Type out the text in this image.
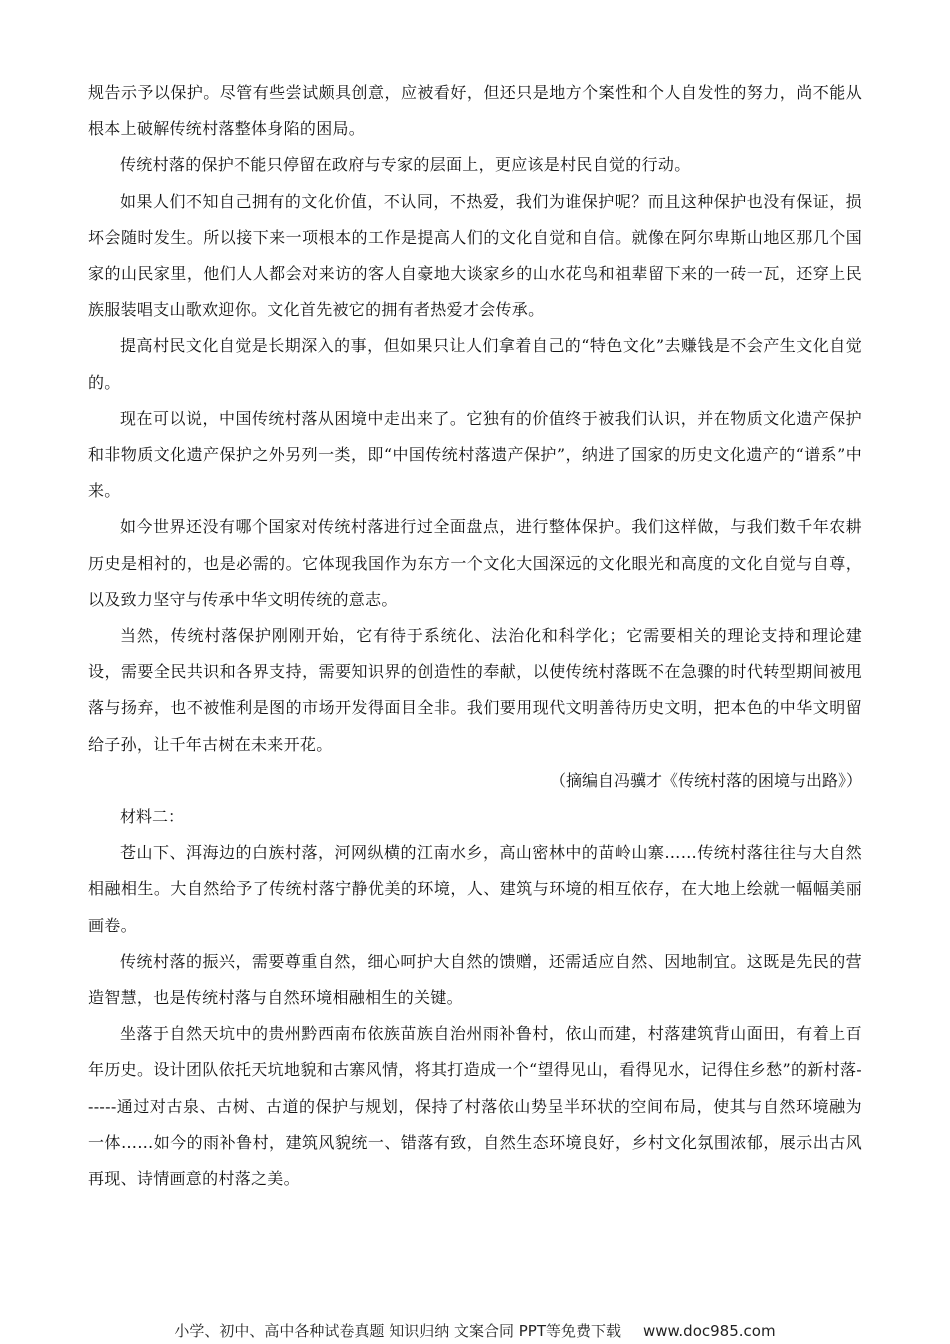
规告示予以保护。尽管有些尝试颇具创意，应被看好，但还只是地方个案性和个人自发性的努力，尚不能从根本上破解传统村落整体身陷的困局。

传统村落的保护不能只停留在政府与专家的层面上，更应该是村民自觉的行动。

如果人们不知自己拥有的文化价值，不认同，不热爱，我们为谁保护呢？而且这种保护也没有保证，损坏会随时发生。所以接下来一项根本的工作是提高人们的文化自觉和自信。就像在阿尔卑斯山地区那几个国家的山民家里，他们人人都会对来访的客人自豪地大谈家乡的山水花鸟和祖辈留下来的一砖一瓦，还穿上民族服装唱支山歌欢迎你。文化首先被它的拥有者热爱才会传承。

提高村民文化自觉是长期深入的事，但如果只让人们拿着自己的“特色文化”去赚钱是不会产生文化自觉的。

现在可以说，中国传统村落从困境中走出来了。它独有的价值终于被我们认识，并在物质文化遗产保护和非物质文化遗产保护之外另列一类，即“中国传统村落遗产保护”，纳进了国家的历史文化遗产的“谱系”中来。

如今世界还没有哪个国家对传统村落进行过全面盘点，进行整体保护。我们这样做，与我们数千年农耕历史是相衬的，也是必需的。它体现我国作为东方一个文化大国深远的文化眼光和高度的文化自觉与自尊，以及致力坚守与传承中华文明传统的意志。

当然，传统村落保护刚刚开始，它有待于系统化、法治化和科学化；它需要相关的理论支持和理论建设，需要全民共识和各界支持，需要知识界的创造性的奉献，以使传统村落既不在急骤的时代转型期间被甩落与扬弃，也不被惟利是图的市场开发得面目全非。我们要用现代文明善待历史文明，把本色的中华文明留给子孙，让千年古树在未来开花。

（摘编自冯骥才《传统村落的困境与出路》）

材料二：

苍山下、洱海边的白族村落，河网纵横的江南水乡，高山密林中的苗岭山寨……传统村落往往与大自然相融相生。大自然给予了传统村落宁静优美的环境，人、建筑与环境的相互依存，在大地上绘就一幅幅美丽画卷。

传统村落的振兴，需要尊重自然，细心呵护大自然的馈赠，还需适应自然、因地制宜。这既是先民的营造智慧，也是传统村落与自然环境相融相生的关键。

坐落于自然天坑中的贵州黔西南布依族苗族自治州雨补鲁村，依山而建，村落建筑背山面田，有着上百年历史。设计团队依托天坑地貌和古寨风情，将其打造成一个“望得见山，看得见水，记得住乡愁”的新村落------通过对古泉、古树、古道的保护与规划，保持了村落依山势呈半环状的空间布局，使其与自然环境融为一体……如今的雨补鲁村，建筑风貌统一、错落有致，自然生态环境良好，乡村文化氛围浓郁，展示出古风再现、诗情画意的村落之美。

小学、初中、高中各种试卷真题 知识归纳 文案合同 PPT等免费下载 www.doc985.com
